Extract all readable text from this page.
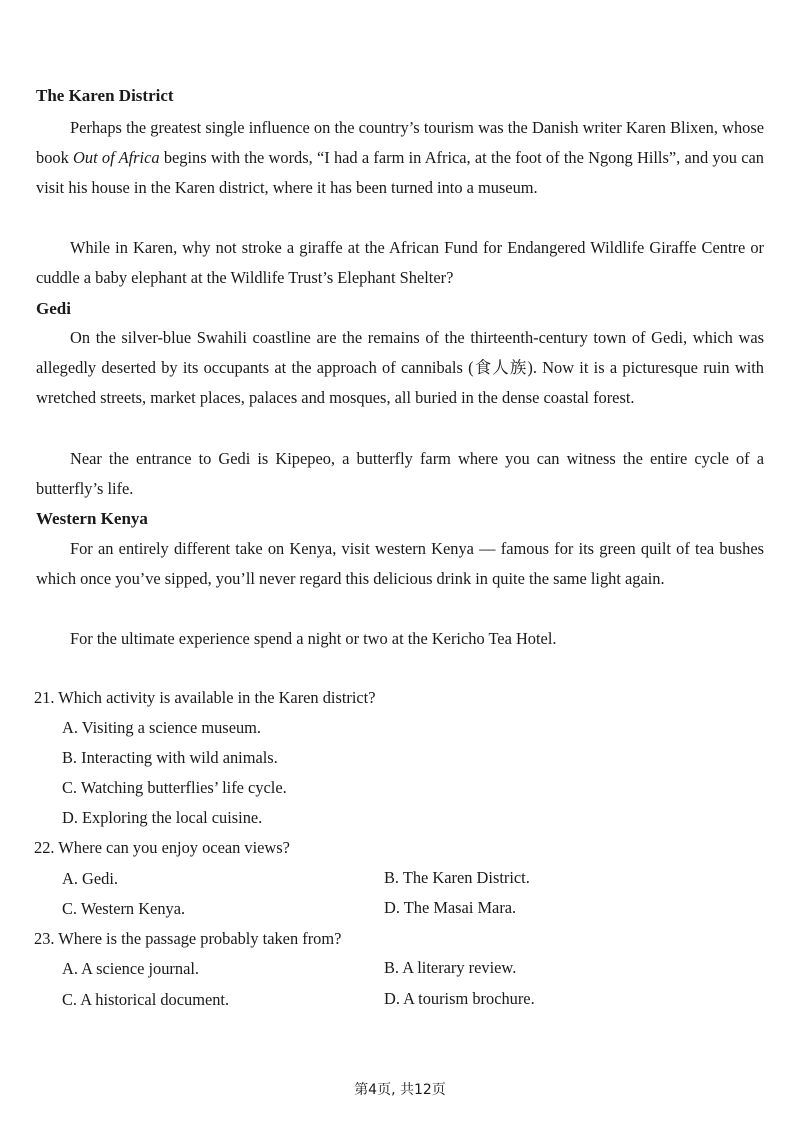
The Karen District

Perhaps the greatest single influence on the country’s tourism was the Danish writer Karen Blixen, whose book Out of Africa begins with the words, “I had a farm in Africa, at the foot of the Ngong Hills”, and you can visit his house in the Karen district, where it has been turned into a museum.

While in Karen, why not stroke a giraffe at the African Fund for Endangered Wildlife Giraffe Centre or cuddle a baby elephant at the Wildlife Trust’s Elephant Shelter?

Gedi

On the silver-blue Swahili coastline are the remains of the thirteenth-century town of Gedi, which was allegedly deserted by its occupants at the approach of cannibals (食人族). Now it is a picturesque ruin with wretched streets, market places, palaces and mosques, all buried in the dense coastal forest.

Near the entrance to Gedi is Kipepeo, a butterfly farm where you can witness the entire cycle of a butterfly’s life.

Western Kenya

For an entirely different take on Kenya, visit western Kenya — famous for its green quilt of tea bushes which once you’ve sipped, you’ll never regard this delicious drink in quite the same light again.

For the ultimate experience spend a night or two at the Kericho Tea Hotel.

21. Which activity is available in the Karen district?
A. Visiting a science museum.
B. Interacting with wild animals.
C. Watching butterflies’ life cycle.
D. Exploring the local cuisine.
22. Where can you enjoy ocean views?
A. Gedi.	B. The Karen District.
C. Western Kenya.	D. The Masai Mara.
23. Where is the passage probably taken from?
A. A science journal.	B. A literary review.
C. A historical document.	D. A tourism brochure.
第4页, 共12页
